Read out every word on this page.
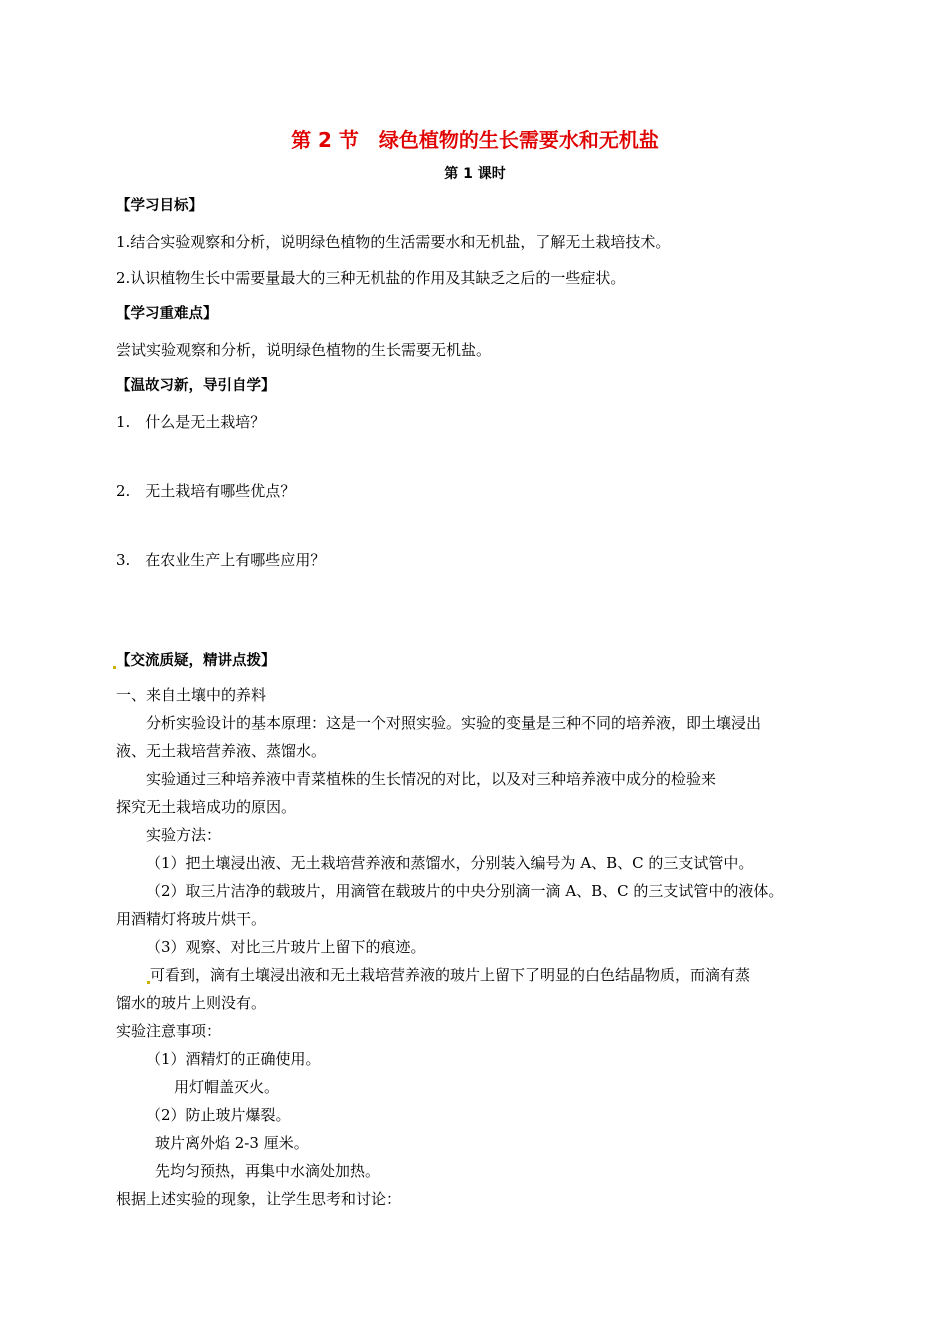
第 2 节　绿色植物的生长需要水和无机盐
第 1 课时
【学习目标】
1.结合实验观察和分析，说明绿色植物的生活需要水和无机盐，了解无土栽培技术。
2.认识植物生长中需要量最大的三种无机盐的作用及其缺乏之后的一些症状。
【学习重难点】
尝试实验观察和分析，说明绿色植物的生长需要无机盐。
【温故习新，导引自学】
1.　什么是无土栽培？
2.　无土栽培有哪些优点？
3.　在农业生产上有哪些应用？
【交流质疑，精讲点拨】
一、来自土壤中的养料
分析实验设计的基本原理：这是一个对照实验。实验的变量是三种不同的培养液，即土壤浸出
液、无土栽培营养液、蒸馏水。
实验通过三种培养液中青菜植株的生长情况的对比，以及对三种培养液中成分的检验来
探究无土栽培成功的原因。
实验方法：
（1）把土壤浸出液、无土栽培营养液和蒸馏水，分别装入编号为 A、B、C 的三支试管中。
（2）取三片洁净的载玻片，用滴管在载玻片的中央分别滴一滴 A、B、C 的三支试管中的液体。
用酒精灯将玻片烘干。
（3）观察、对比三片玻片上留下的痕迹。
可看到，滴有土壤浸出液和无土栽培营养液的玻片上留下了明显的白色结晶物质，而滴有蒸
馏水的玻片上则没有。
实验注意事项：
（1）酒精灯的正确使用。
用灯帽盖灭火。
（2）防止玻片爆裂。
玻片离外焰 2-3 厘米。
先均匀预热，再集中水滴处加热。
根据上述实验的现象，让学生思考和讨论：
